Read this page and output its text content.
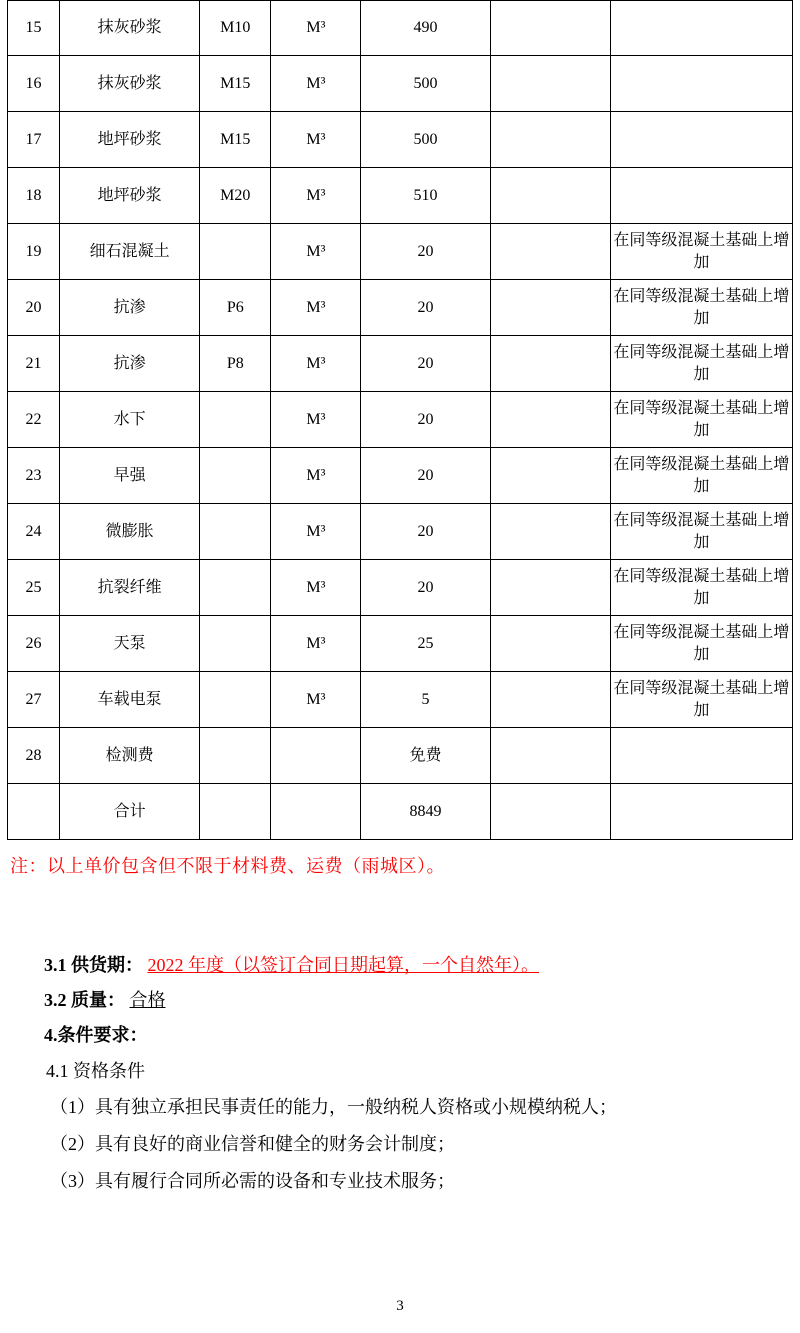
15	抹灰砂浆	M10	M³	490		
16	抹灰砂浆	M15	M³	500		
17	地坪砂浆	M15	M³	500		
18	地坪砂浆	M20	M³	510		
19	细石混凝土		M³	20		在同等级混凝土基础上增加
20	抗渗	P6	M³	20		在同等级混凝土基础上增加
21	抗渗	P8	M³	20		在同等级混凝土基础上增加
22	水下		M³	20		在同等级混凝土基础上增加
23	早强		M³	20		在同等级混凝土基础上增加
24	微膨胀		M³	20		在同等级混凝土基础上增加
25	抗裂纤维		M³	20		在同等级混凝土基础上增加
26	天泵		M³	25		在同等级混凝土基础上增加
27	车载电泵		M³	5		在同等级混凝土基础上增加
28	检测费			免费		
	合计			8849		
注：以上单价包含但不限于材料费、运费（雨城区）。
3.1 供货期： 2022 年度（以签订合同日期起算，一个自然年）。
3.2 质量： 合格
4.条件要求：
4.1 资格条件
（1）具有独立承担民事责任的能力，一般纳税人资格或小规模纳税人；
（2）具有良好的商业信誉和健全的财务会计制度；
（3）具有履行合同所必需的设备和专业技术服务；
3
